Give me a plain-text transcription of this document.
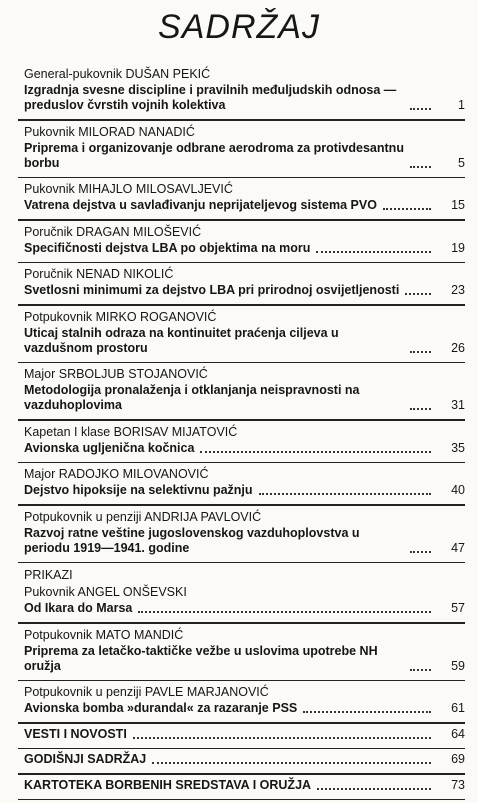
SADRŽAJ
General-pukovnik DUŠAN PEKIĆ
Izgradnja svesne discipline i pravilnih međuljudskih odnosa — preduslov čvrstih vojnih kolektiva	1
Pukovnik MILORAD NANADIĆ
Priprema i organizovanje odbrane aerodroma za protivdesantnu borbu	5
Pukovnik MIHAJLO MILOSAVLJEVIĆ
Vatrena dejstva u savlađivanju neprijateljevog sistema PVO	15
Poručnik DRAGAN MILOŠEVIĆ
Specifičnosti dejstva LBA po objektima na moru	19
Poručnik NENAD NIKOLIĆ
Svetlosni minimumi za dejstvo LBA pri prirodnoj osvijetljenosti	23
Potpukovnik MIRKO ROGANOVIĆ
Uticaj stalnih odraza na kontinuitet praćenja ciljeva u vazdušnom prostoru	26
Major SRBOLJUB STOJANOVIĆ
Metodologija pronalaženja i otklanjanja neispravnosti na vazduhoplovima	31
Kapetan I klase BORISAV MIJATOVIĆ
Avionska ugljenična kočnica	35
Major RADOJKO MILOVANOVIĆ
Dejstvo hipoksije na selektivnu pažnju	40
Potpukovnik u penziji ANDRIJA PAVLOVIĆ
Razvoj ratne veštine jugoslovenskog vazduhoplovstva u periodu 1919—1941. godine	47
PRIKAZI
Pukovnik ANGEL ONŠEVSKI
Od Ikara do Marsa	57
Potpukovnik MATO MANDIĆ
Priprema za letačko-taktičke vežbe u uslovima upotrebe NH oružja	59
Potpukovnik u penziji PAVLE MARJANOVIĆ
Avionska bomba »durandal« za razaranje PSS	61
VESTI I NOVOSTI	64
GODIŠNJI SADRŽAJ	69
KARTOTEKA BORBENIH SREDSTAVA I ORUŽJA	73
